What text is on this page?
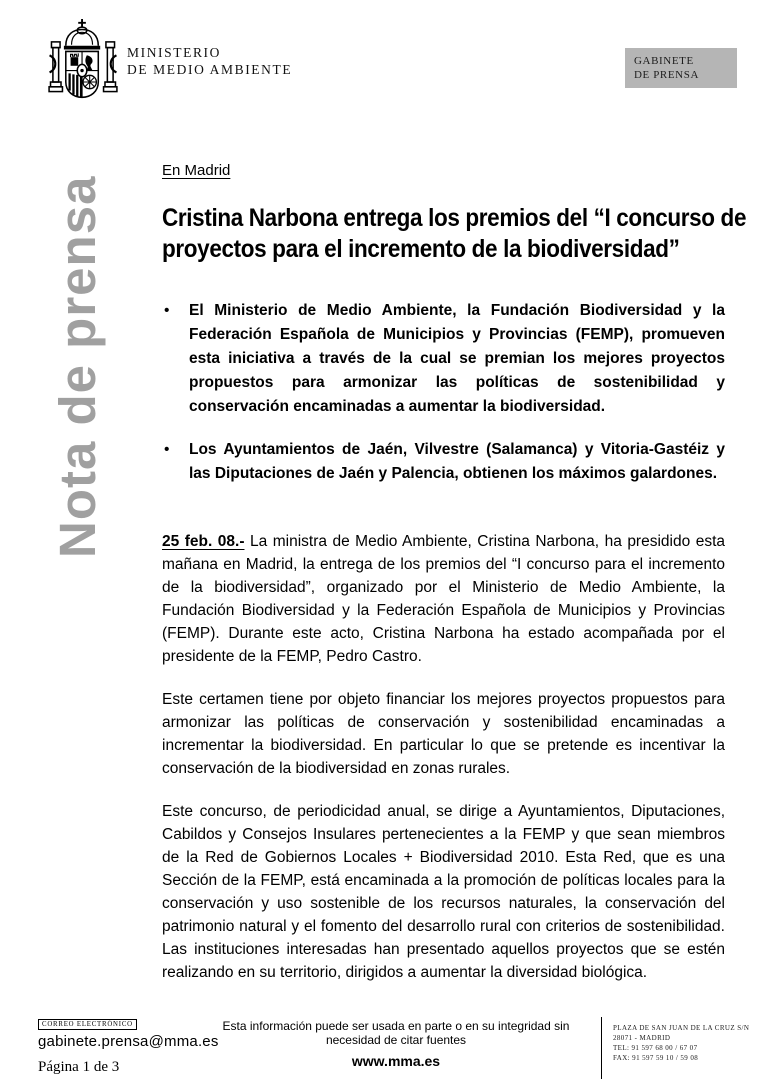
MINISTERIO
DE MEDIO AMBIENTE
GABINETE
DE PRENSA
Nota de prensa

En Madrid

Cristina Narbona entrega los premios del “I concurso de
proyectos para el incremento de la biodiversidad”
• El Ministerio de Medio Ambiente, la Fundación Biodiversidad y la Federación Española de Municipios y Provincias (FEMP), promueven esta iniciativa a través de la cual se premian los mejores proyectos propuestos para armonizar las políticas de sostenibilidad y conservación encaminadas a aumentar la biodiversidad.
• Los Ayuntamientos de Jaén, Vilvestre (Salamanca) y Vitoria-Gastéiz y las Diputaciones de Jaén y Palencia, obtienen los máximos galardones.

25 feb. 08.- La ministra de Medio Ambiente, Cristina Narbona, ha presidido esta mañana en Madrid, la entrega de los premios del “I concurso para el incremento de la biodiversidad”, organizado por el Ministerio de Medio Ambiente, la Fundación Biodiversidad y la Federación Española de Municipios y Provincias (FEMP). Durante este acto, Cristina Narbona ha estado acompañada por el presidente de la FEMP, Pedro Castro.

Este certamen tiene por objeto financiar los mejores proyectos propuestos para armonizar las políticas de conservación y sostenibilidad encaminadas a incrementar la biodiversidad. En particular lo que se pretende es incentivar la conservación de la biodiversidad en zonas rurales.

Este concurso, de periodicidad anual, se dirige a Ayuntamientos, Diputaciones, Cabildos y Consejos Insulares pertenecientes a la FEMP y que sean miembros de la Red de Gobiernos Locales + Biodiversidad 2010. Esta Red, que es una Sección de la FEMP, está encaminada a la promoción de políticas locales para la conservación y uso sostenible de los recursos naturales, la conservación del patrimonio natural y el fomento del desarrollo rural con criterios de sostenibilidad. Las instituciones interesadas han presentado aquellos proyectos que se estén realizando en su territorio, dirigidos a aumentar la diversidad biológica.

CORREO ELECTRÓNICO
gabinete.prensa@mma.es
Página 1 de 3
Esta información puede ser usada en parte o en su integridad sin necesidad de citar fuentes
www.mma.es
PLAZA DE SAN JUAN DE LA CRUZ S/N
28071 - MADRID
TEL: 91 597 68 00 / 67 07
FAX: 91 597 59 10 / 59 08
